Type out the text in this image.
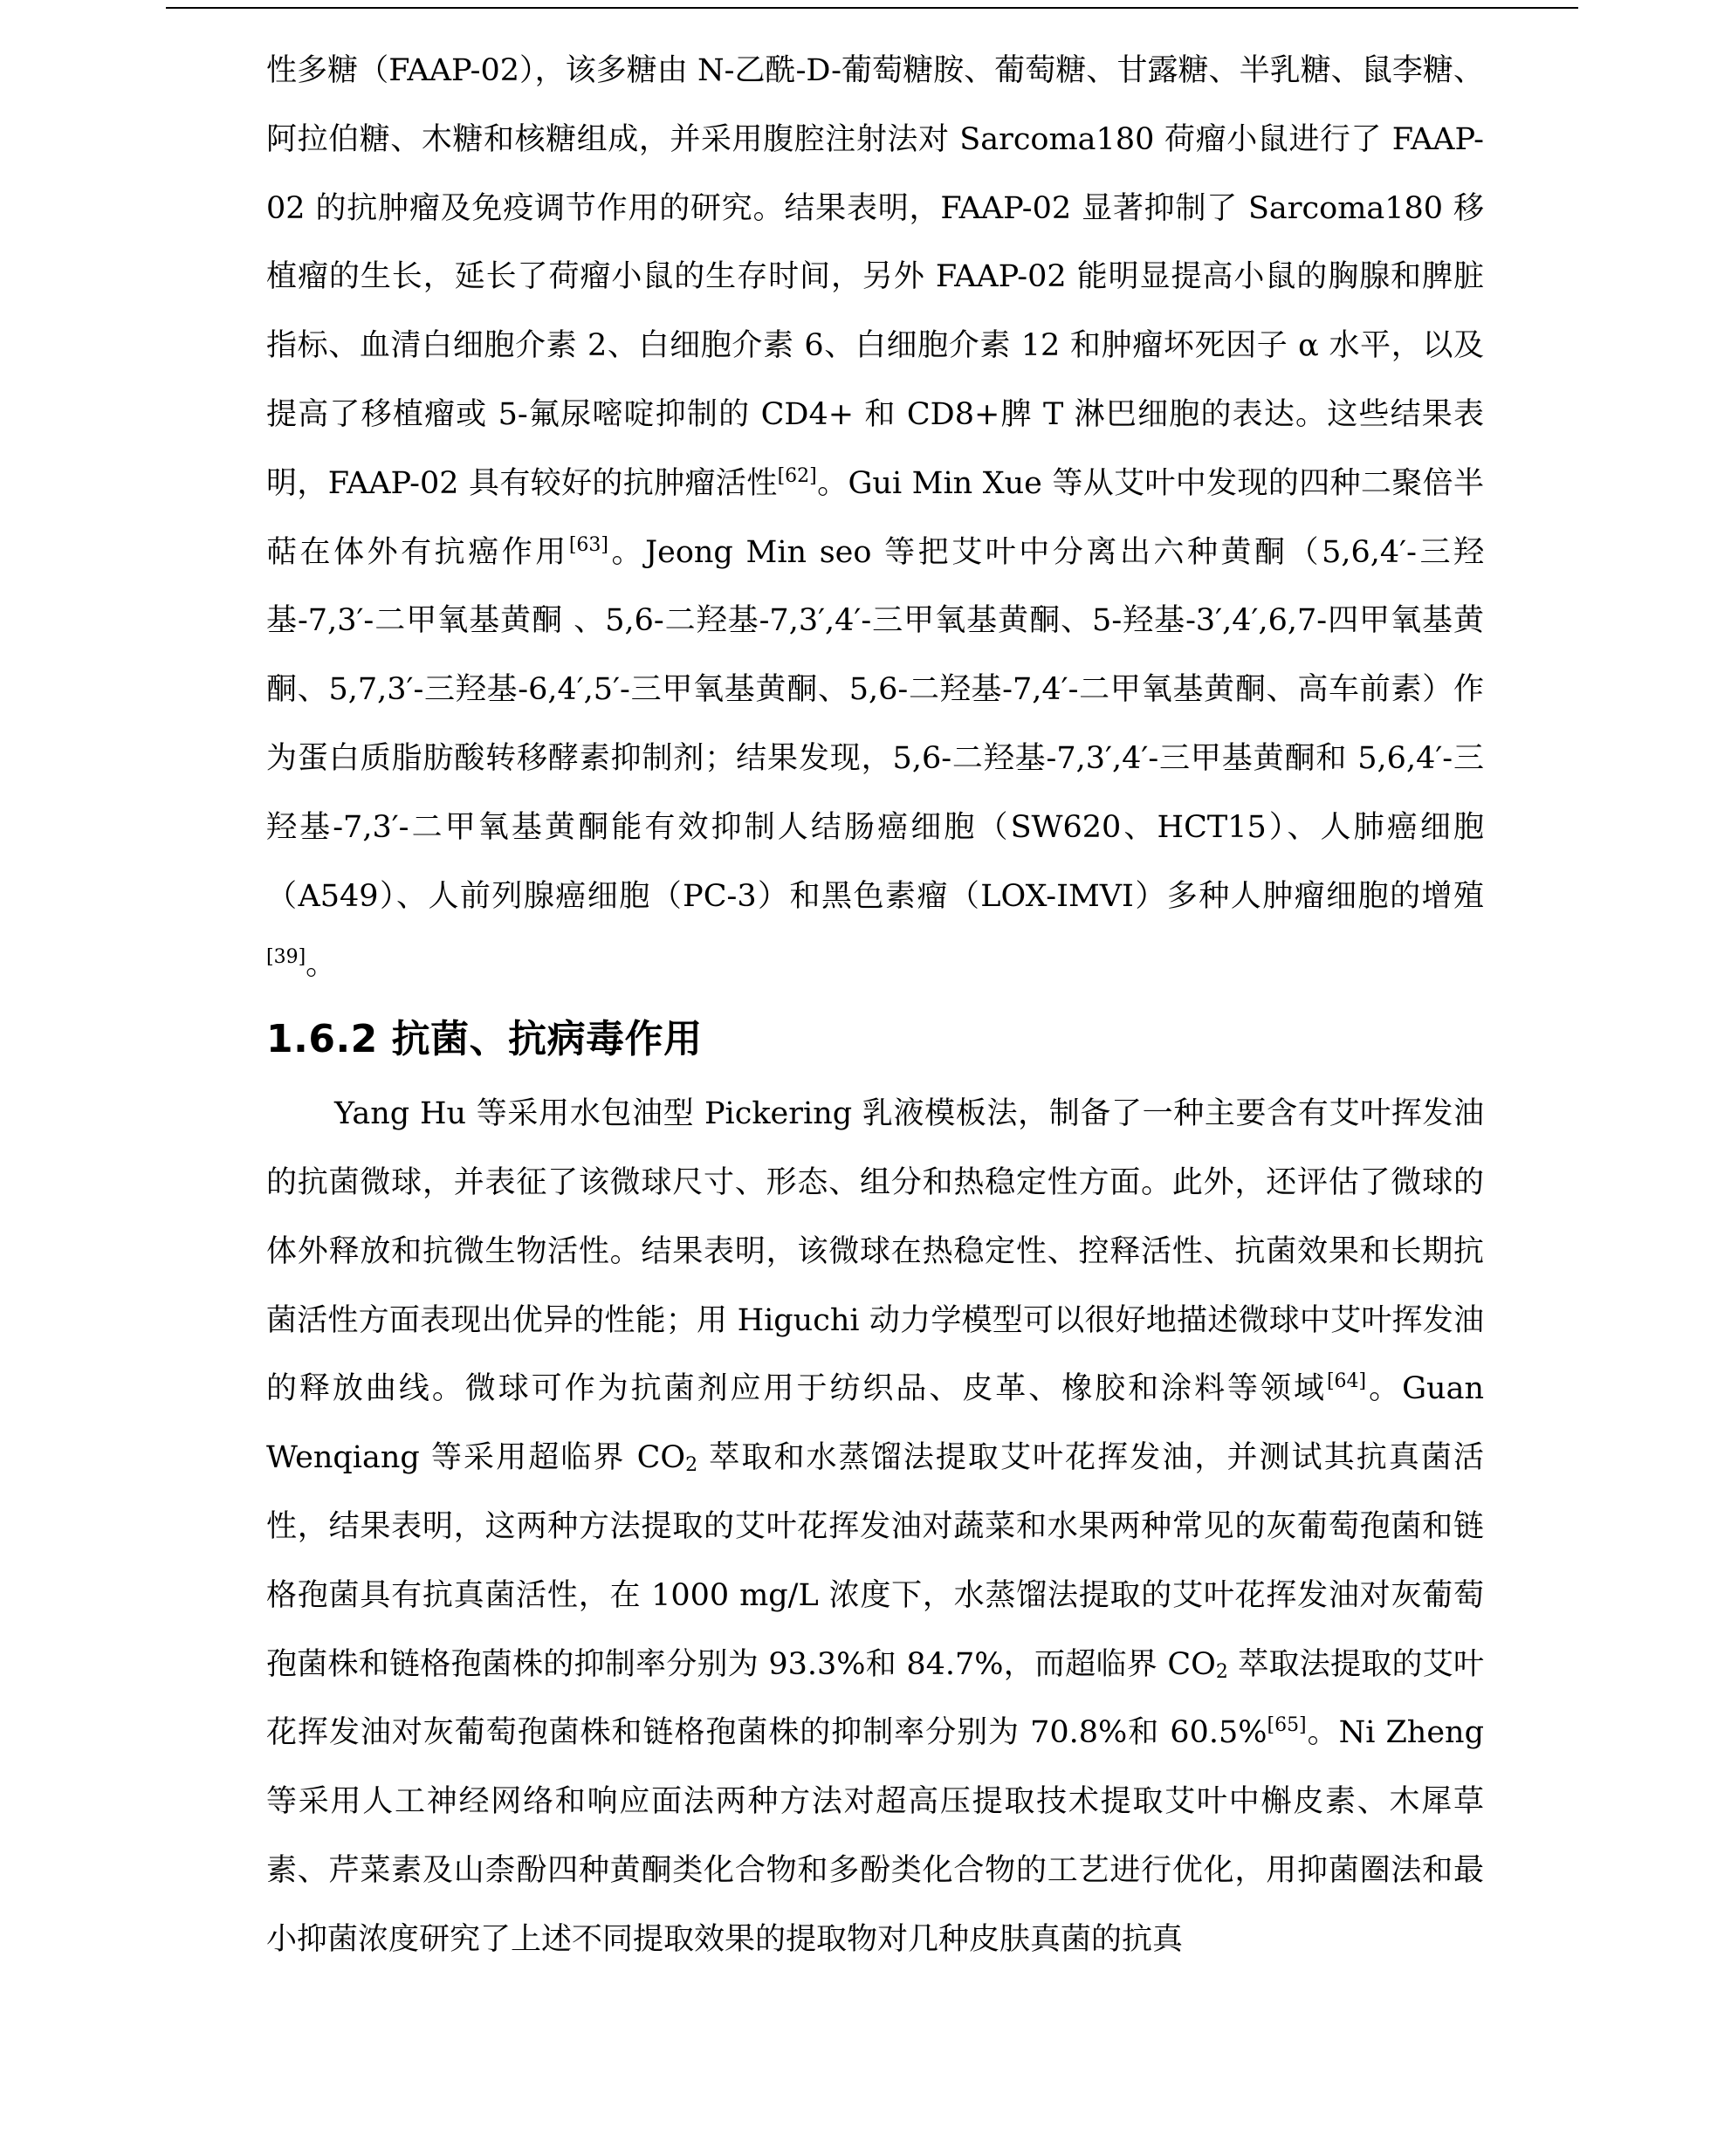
性多糖（FAAP-02），该多糖由 N-乙酰-D-葡萄糖胺、葡萄糖、甘露糖、半乳糖、鼠李糖、阿拉伯糖、木糖和核糖组成，并采用腹腔注射法对 Sarcoma180 荷瘤小鼠进行了 FAAP-02 的抗肿瘤及免疫调节作用的研究。结果表明，FAAP-02 显著抑制了 Sarcoma180 移植瘤的生长，延长了荷瘤小鼠的生存时间，另外 FAAP-02 能明显提高小鼠的胸腺和脾脏指标、血清白细胞介素 2、白细胞介素 6、白细胞介素 12 和肿瘤坏死因子 α 水平，以及提高了移植瘤或 5-氟尿嘧啶抑制的 CD4+ 和 CD8+脾 T 淋巴细胞的表达。这些结果表明，FAAP-02 具有较好的抗肿瘤活性[62]。Gui Min Xue 等从艾叶中发现的四种二聚倍半萜在体外有抗癌作用[63]。Jeong Min seo 等把艾叶中分离出六种黄酮（5,6,4′-三羟基-7,3′-二甲氧基黄酮 、5,6-二羟基-7,3′,4′-三甲氧基黄酮、5-羟基-3′,4′,6,7-四甲氧基黄酮、5,7,3′-三羟基-6,4′,5′-三甲氧基黄酮、5,6-二羟基-7,4′-二甲氧基黄酮、高车前素）作为蛋白质脂肪酸转移酵素抑制剂；结果发现，5,6-二羟基-7,3′,4′-三甲基黄酮和 5,6,4′-三羟基-7,3′-二甲氧基黄酮能有效抑制人结肠癌细胞（SW620、HCT15）、人肺癌细胞（A549）、人前列腺癌细胞（PC-3）和黑色素瘤（LOX-IMVI）多种人肿瘤细胞的增殖[39]。

1.6.2 抗菌、抗病毒作用

Yang Hu 等采用水包油型 Pickering 乳液模板法，制备了一种主要含有艾叶挥发油的抗菌微球，并表征了该微球尺寸、形态、组分和热稳定性方面。此外，还评估了微球的体外释放和抗微生物活性。结果表明，该微球在热稳定性、控释活性、抗菌效果和长期抗菌活性方面表现出优异的性能；用 Higuchi 动力学模型可以很好地描述微球中艾叶挥发油的释放曲线。微球可作为抗菌剂应用于纺织品、皮革、橡胶和涂料等领域[64]。Guan Wenqiang 等采用超临界 $CO_2$ 萃取和水蒸馏法提取艾叶花挥发油，并测试其抗真菌活性，结果表明，这两种方法提取的艾叶花挥发油对蔬菜和水果两种常见的灰葡萄孢菌和链格孢菌具有抗真菌活性，在 1000 mg/L 浓度下，水蒸馏法提取的艾叶花挥发油对灰葡萄孢菌株和链格孢菌株的抑制率分别为 93.3%和 84.7%，而超临界 $CO_2$ 萃取法提取的艾叶花挥发油对灰葡萄孢菌株和链格孢菌株的抑制率分别为 70.8%和 60.5%[65]。Ni Zheng 等采用人工神经网络和响应面法两种方法对超高压提取技术提取艾叶中槲皮素、木犀草素、芹菜素及山柰酚四种黄酮类化合物和多酚类化合物的工艺进行优化，用抑菌圈法和最小抑菌浓度研究了上述不同提取效果的提取物对几种皮肤真菌的抗真
